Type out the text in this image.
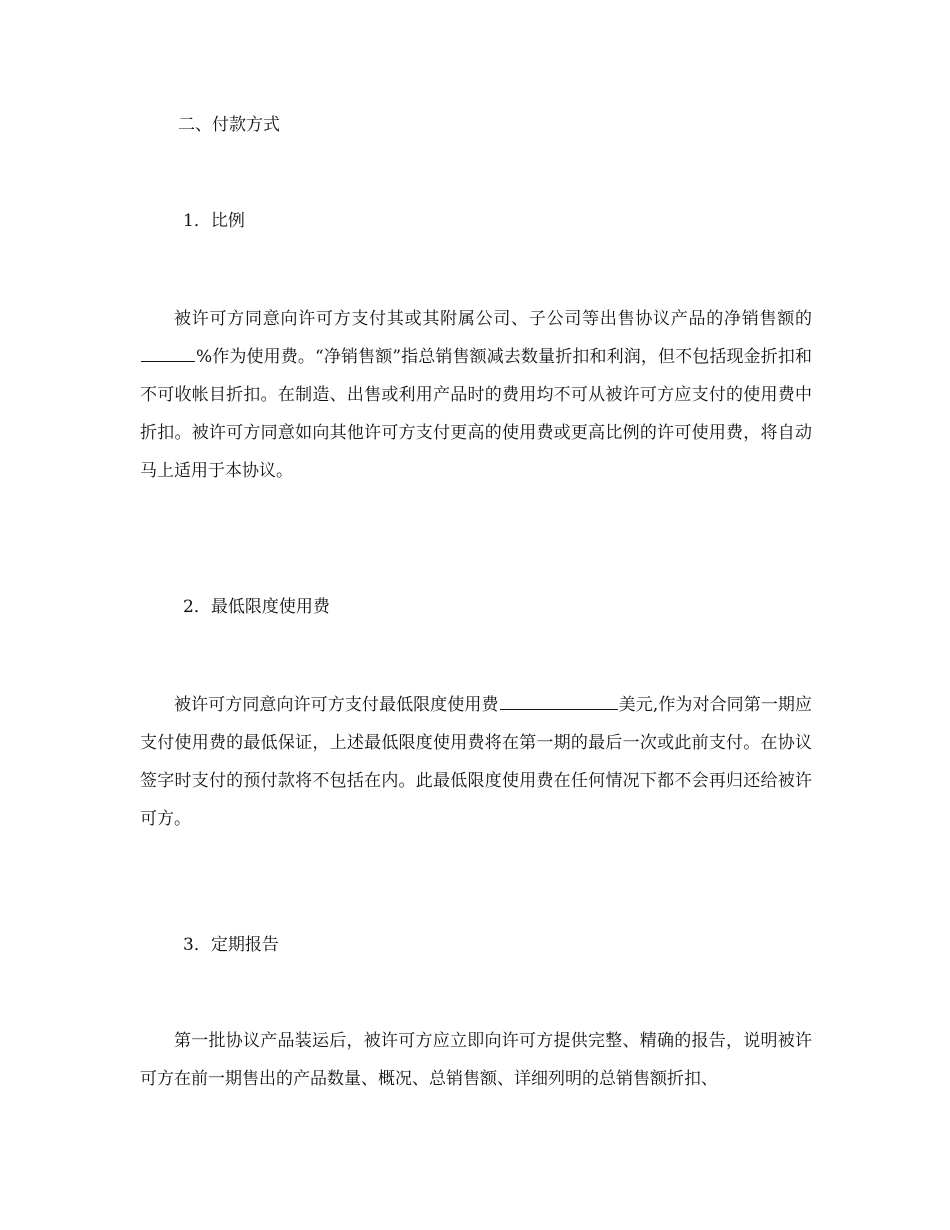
二、付款方式
1．比例

被许可方同意向许可方支付其或其附属公司、子公司等出售协议产品的净销售额的%作为使用费。“净销售额”指总销售额减去数量折扣和利润，但不包括现金折扣和不可收帐目折扣。在制造、出售或利用产品时的费用均不可从被许可方应支付的使用费中折扣。被许可方同意如向其他许可方支付更高的使用费或更高比例的许可使用费，将自动马上适用于本协议。

2．最低限度使用费

被许可方同意向许可方支付最低限度使用费	美元,作为对合同第一期应支付使用费的最低保证，上述最低限度使用费将在第一期的最后一次或此前支付。在协议签字时支付的预付款将不包括在内。此最低限度使用费在任何情况下都不会再归还给被许可方。

3．定期报告

第一批协议产品装运后，被许可方应立即向许可方提供完整、精确的报告，说明被许可方在前一期售出的产品数量、概况、总销售额、详细列明的总销售额折扣、
